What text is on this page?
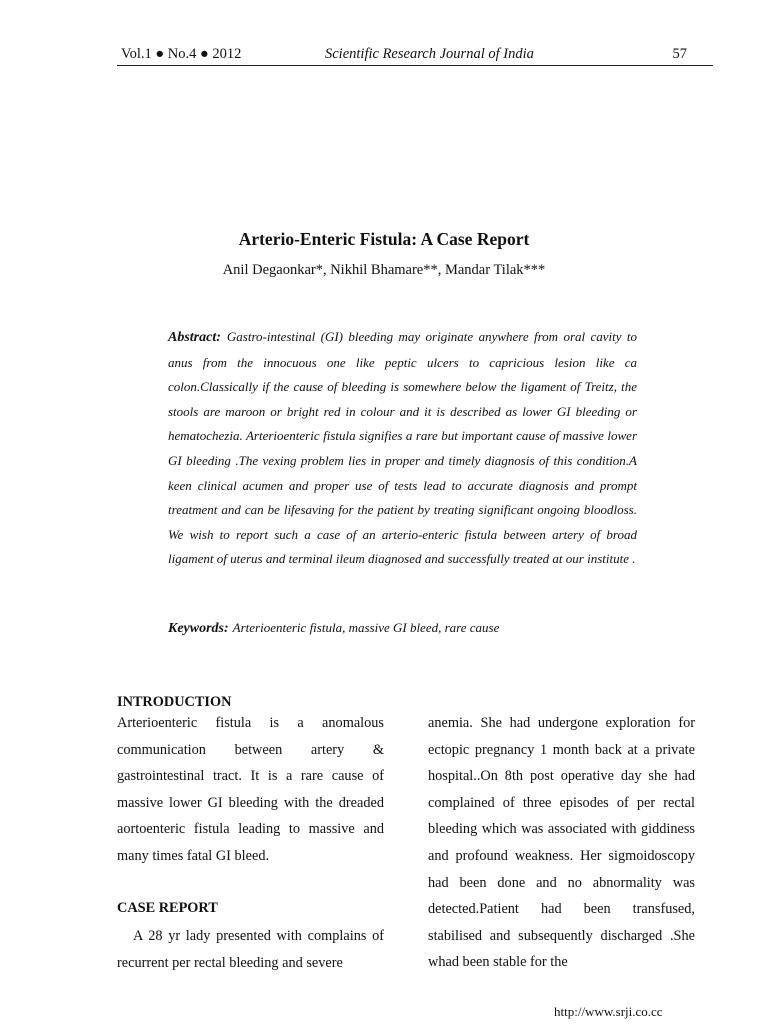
Vol.1 ● No.4 ● 2012	Scientific Research Journal of India	57
Arterio-Enteric Fistula: A Case Report
Anil Degaonkar*, Nikhil Bhamare**, Mandar Tilak***
Abstract: Gastro-intestinal (GI) bleeding may originate anywhere from oral cavity to anus from the innocuous one like peptic ulcers to capricious lesion like ca colon.Classically if the cause of bleeding is somewhere below the ligament of Treitz, the stools are maroon or bright red in colour and it is described as lower GI bleeding or hematochezia. Arterioenteric fistula signifies a rare but important cause of massive lower GI bleeding .The vexing problem lies in proper and timely diagnosis of this condition.A keen clinical acumen and proper use of tests lead to accurate diagnosis and prompt treatment and can be lifesaving for the patient by treating significant ongoing bloodloss. We wish to report such a case of an arterio-enteric fistula between artery of broad ligament of uterus and terminal ileum diagnosed and successfully treated at our institute .
Keywords: Arterioenteric fistula, massive GI bleed, rare cause
INTRODUCTION

Arterioenteric fistula is a anomalous communication between artery & gastrointestinal tract. It is a rare cause of massive lower GI bleeding with the dreaded aortoenteric fistula leading to massive and many times fatal GI bleed.

CASE REPORT

A 28 yr lady presented with complains of recurrent per rectal bleeding and severe

anemia. She had undergone exploration for ectopic pregnancy 1 month back at a private hospital..On 8th post operative day she had complained of three episodes of per rectal bleeding which was associated with giddiness and profound weakness. Her sigmoidoscopy had been done and no abnormality was detected.Patient had been transfused, stabilised and subsequently discharged .She whad been stable for the

http://www.srji.co.cc
